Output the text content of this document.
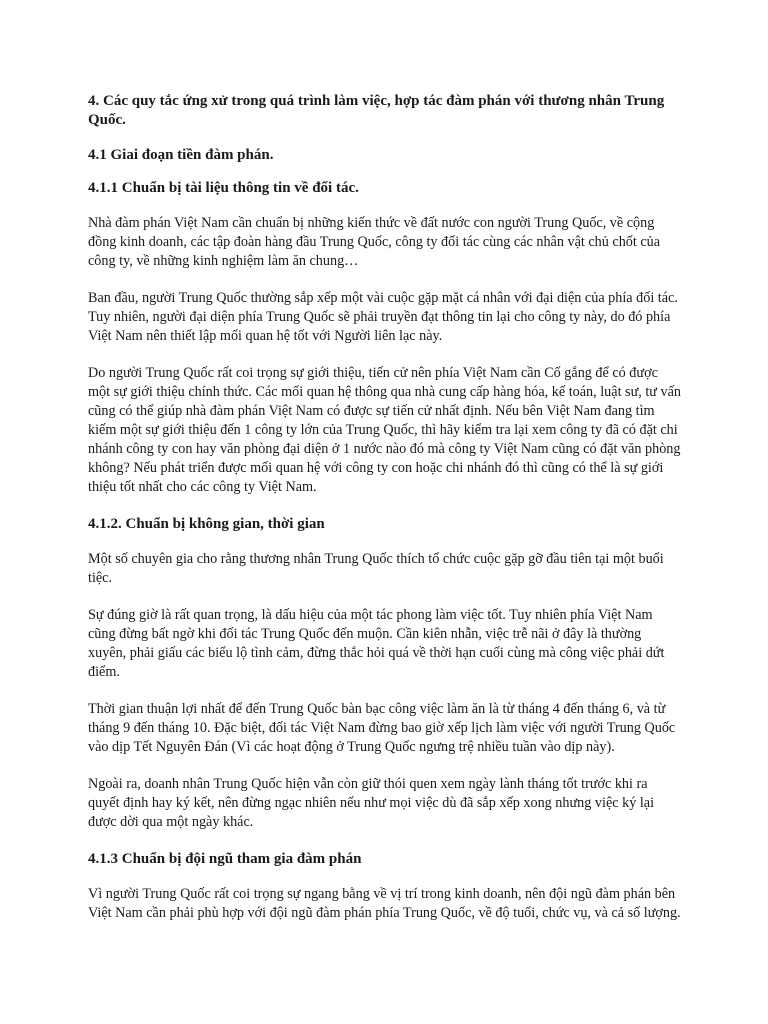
4. Các quy tắc ứng xử trong quá trình làm việc, hợp tác đàm phán với thương nhân Trung Quốc.
4.1 Giai đoạn tiền đàm phán.
4.1.1 Chuẩn bị tài liệu thông tin về đối tác.
Nhà đàm phán Việt Nam cần chuẩn bị những kiến thức về đất nước con người Trung Quốc, về cộng đồng kinh doanh, các tập đoàn hàng đầu Trung Quốc, công ty đối tác cùng các nhân vật chủ chốt của công ty, về những kinh nghiệm làm ăn chung…
Ban đầu, người Trung Quốc thường sắp xếp một vài cuộc gặp mặt cá nhân với đại diện của phía đối tác. Tuy nhiên, người đại diện phía Trung Quốc sẽ phải truyền đạt thông tin lại cho công ty này, do đó phía Việt Nam nên thiết lập mối quan hệ tốt với Người liên lạc này.
Do người Trung Quốc rất coi trọng sự giới thiệu, tiến cử nên phía Việt Nam cần Cố gắng để có được một sự giới thiệu chính thức. Các mối quan hệ thông qua nhà cung cấp hàng hóa, kế toán, luật sư, tư vấn cũng có thể giúp nhà đàm phán Việt Nam có được sự tiến cử nhất định. Nếu bên Việt Nam đang tìm kiếm một sự giới thiệu đến 1 công ty lớn của Trung Quốc, thì hãy kiểm tra lại xem công ty đã có đặt chi nhánh công ty con hay văn phòng đại diện ở 1 nước nào đó mà công ty Việt Nam cũng có đặt văn phòng không? Nếu phát triển được mối quan hệ với công ty con hoặc chi nhánh đó thì cũng có thể là sự giới thiệu tốt nhất cho các công ty Việt Nam.
4.1.2. Chuẩn bị không gian, thời gian
Một số chuyên gia cho rằng thương nhân Trung Quốc thích tổ chức cuộc gặp gỡ đầu tiên tại một buổi tiệc.
Sự đúng giờ là rất quan trọng, là dấu hiệu của một tác phong làm việc tốt. Tuy nhiên phía Việt Nam cũng đừng bất ngờ khi đối tác Trung Quốc đến muộn. Cần kiên nhẫn, việc trễ nãi ở đây là thường xuyên, phải giấu các biểu lộ tình cảm, đừng thắc hỏi quá về thời hạn cuối cùng mà công việc phải dứt điểm.
Thời gian thuận lợi nhất để đến Trung Quốc bàn bạc công việc làm ăn là từ tháng 4 đến tháng 6, và từ tháng 9 đến tháng 10. Đặc biệt, đối tác Việt Nam đừng bao giờ xếp lịch làm việc với người Trung Quốc vào dịp Tết Nguyên Đán (Vì các hoạt động ở Trung Quốc ngưng trệ nhiều tuần vào dịp này).
Ngoài ra, doanh nhân Trung Quốc hiện vẫn còn giữ thói quen xem ngày lành tháng tốt trước khi ra quyết định hay ký kết, nên đừng ngạc nhiên nếu như mọi việc dù đã sắp xếp xong nhưng việc ký lại được dời qua một ngày khác.
4.1.3 Chuẩn bị đội ngũ tham gia đàm phán
Vì người Trung Quốc rất coi trọng sự ngang bằng về vị trí trong kinh doanh, nên đội ngũ đàm phán bên Việt Nam cần phải phù hợp với đội ngũ đàm phán phía Trung Quốc, về độ tuổi, chức vụ, và cả số lượng.
